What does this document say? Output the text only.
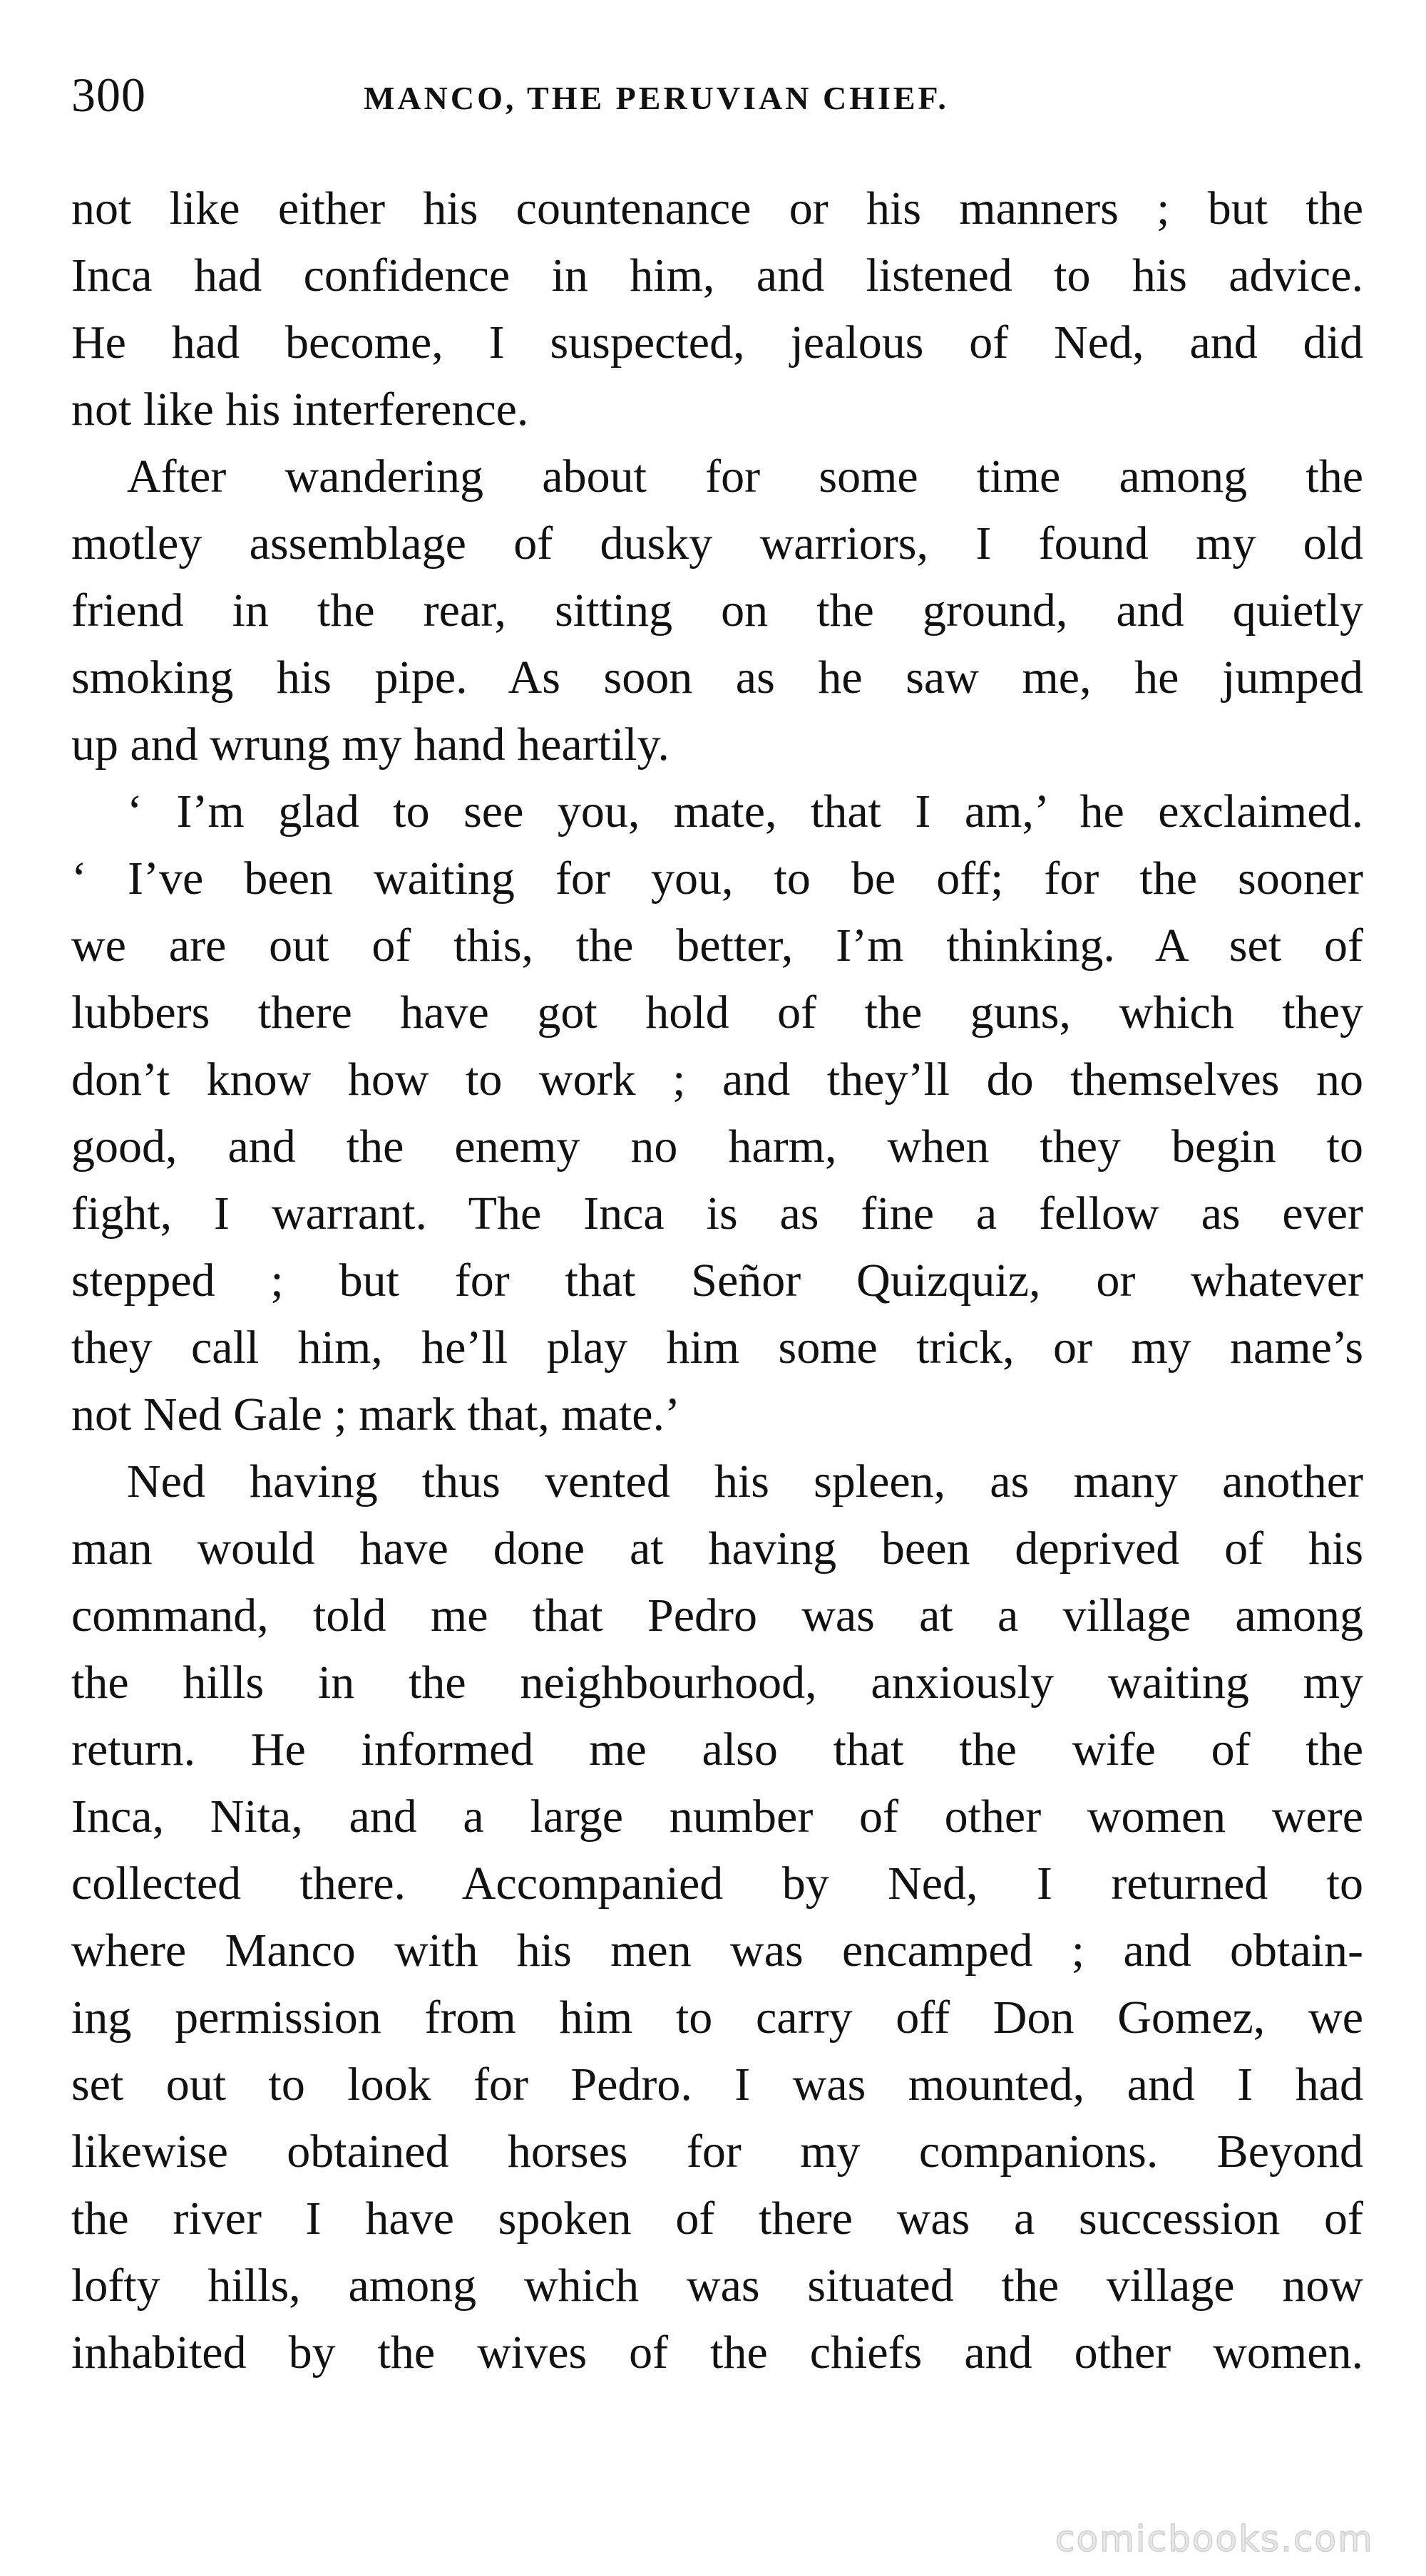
300	MANCO, THE PERUVIAN CHIEF.
not like either his countenance or his manners ; but the
Inca had confidence in him, and listened to his advice.
He had become, I suspected, jealous of Ned, and did
not like his interference.
After wandering about for some time among the
motley assemblage of dusky warriors, I found my old
friend in the rear, sitting on the ground, and quietly
smoking his pipe. As soon as he saw me, he jumped
up and wrung my hand heartily.
‘ I’m glad to see you, mate, that I am,’ he exclaimed.
‘ I’ve been waiting for you, to be off; for the sooner
we are out of this, the better, I’m thinking. A set of
lubbers there have got hold of the guns, which they
don’t know how to work ; and they’ll do themselves no
good, and the enemy no harm, when they begin to
fight, I warrant. The Inca is as fine a fellow as ever
stepped ; but for that Señor Quizquiz, or whatever
they call him, he’ll play him some trick, or my name’s
not Ned Gale ; mark that, mate.’
Ned having thus vented his spleen, as many another
man would have done at having been deprived of his
command, told me that Pedro was at a village among
the hills in the neighbourhood, anxiously waiting my
return. He informed me also that the wife of the
Inca, Nita, and a large number of other women were
collected there. Accompanied by Ned, I returned to
where Manco with his men was encamped ; and obtain-
ing permission from him to carry off Don Gomez, we
set out to look for Pedro. I was mounted, and I had
likewise obtained horses for my companions. Beyond
the river I have spoken of there was a succession of
lofty hills, among which was situated the village now
inhabited by the wives of the chiefs and other women.
comicbooks.com
